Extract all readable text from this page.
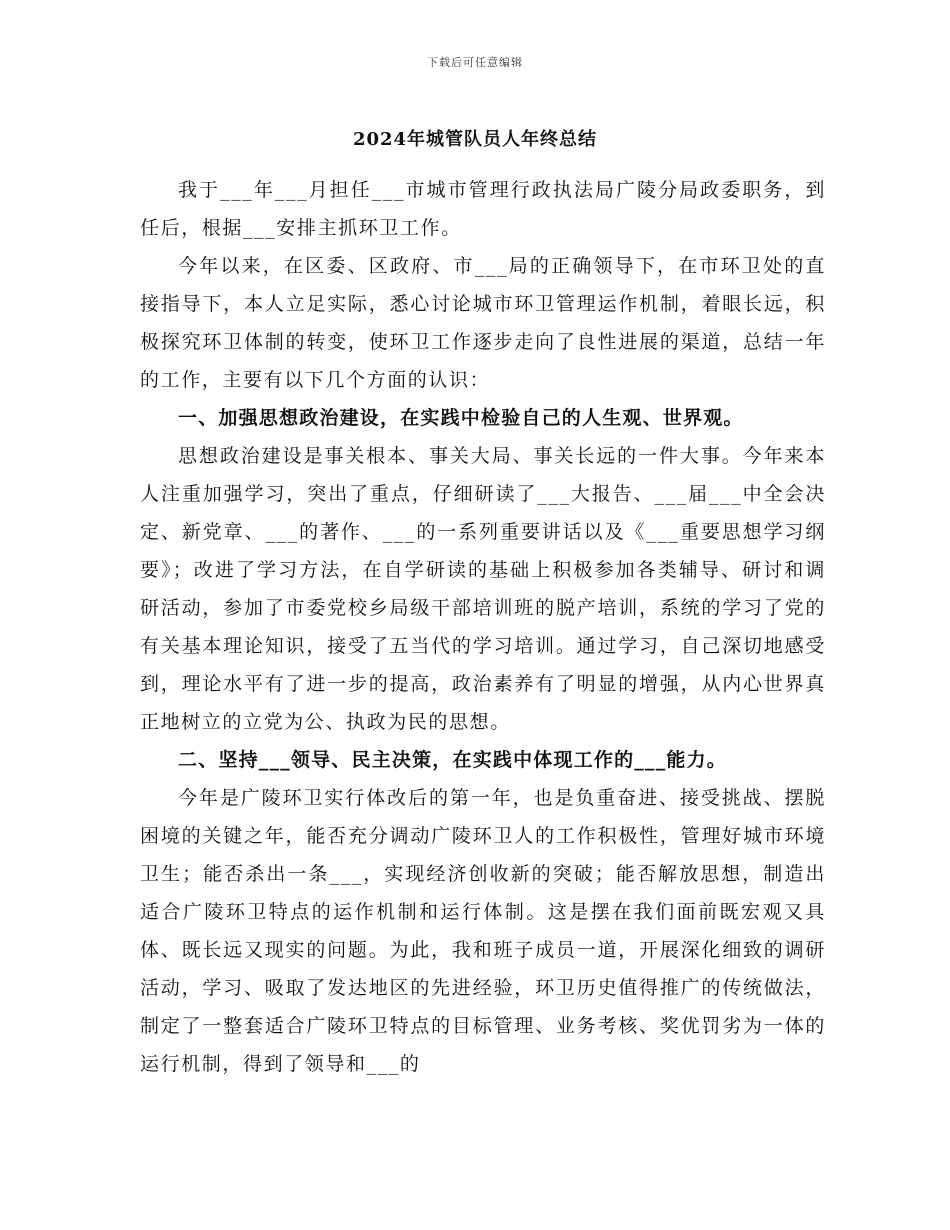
下载后可任意编辑
2024年城管队员人年终总结

我于___年___月担任___市城市管理行政执法局广陵分局政委职务，到任后，根据___安排主抓环卫工作。

今年以来，在区委、区政府、市___局的正确领导下，在市环卫处的直接指导下，本人立足实际，悉心讨论城市环卫管理运作机制，着眼长远，积极探究环卫体制的转变，使环卫工作逐步走向了良性进展的渠道，总结一年的工作，主要有以下几个方面的认识：

一、加强思想政治建设，在实践中检验自己的人生观、世界观。

思想政治建设是事关根本、事关大局、事关长远的一件大事。今年来本人注重加强学习，突出了重点，仔细研读了___大报告、___届___中全会决定、新党章、___的著作、___的一系列重要讲话以及《___重要思想学习纲要》；改进了学习方法，在自学研读的基础上积极参加各类辅导、研讨和调研活动，参加了市委党校乡局级干部培训班的脱产培训，系统的学习了党的有关基本理论知识，接受了五当代的学习培训。通过学习，自己深切地感受到，理论水平有了进一步的提高，政治素养有了明显的增强，从内心世界真正地树立的立党为公、执政为民的思想。

二、坚持___领导、民主决策，在实践中体现工作的___能力。

今年是广陵环卫实行体改后的第一年，也是负重奋进、接受挑战、摆脱困境的关键之年，能否充分调动广陵环卫人的工作积极性，管理好城市环境卫生；能否杀出一条___，实现经济创收新的突破；能否解放思想，制造出适合广陵环卫特点的运作机制和运行体制。这是摆在我们面前既宏观又具体、既长远又现实的问题。为此，我和班子成员一道，开展深化细致的调研活动，学习、吸取了发达地区的先进经验，环卫历史值得推广的传统做法，制定了一整套适合广陵环卫特点的目标管理、业务考核、奖优罚劣为一体的运行机制，得到了领导和___的
